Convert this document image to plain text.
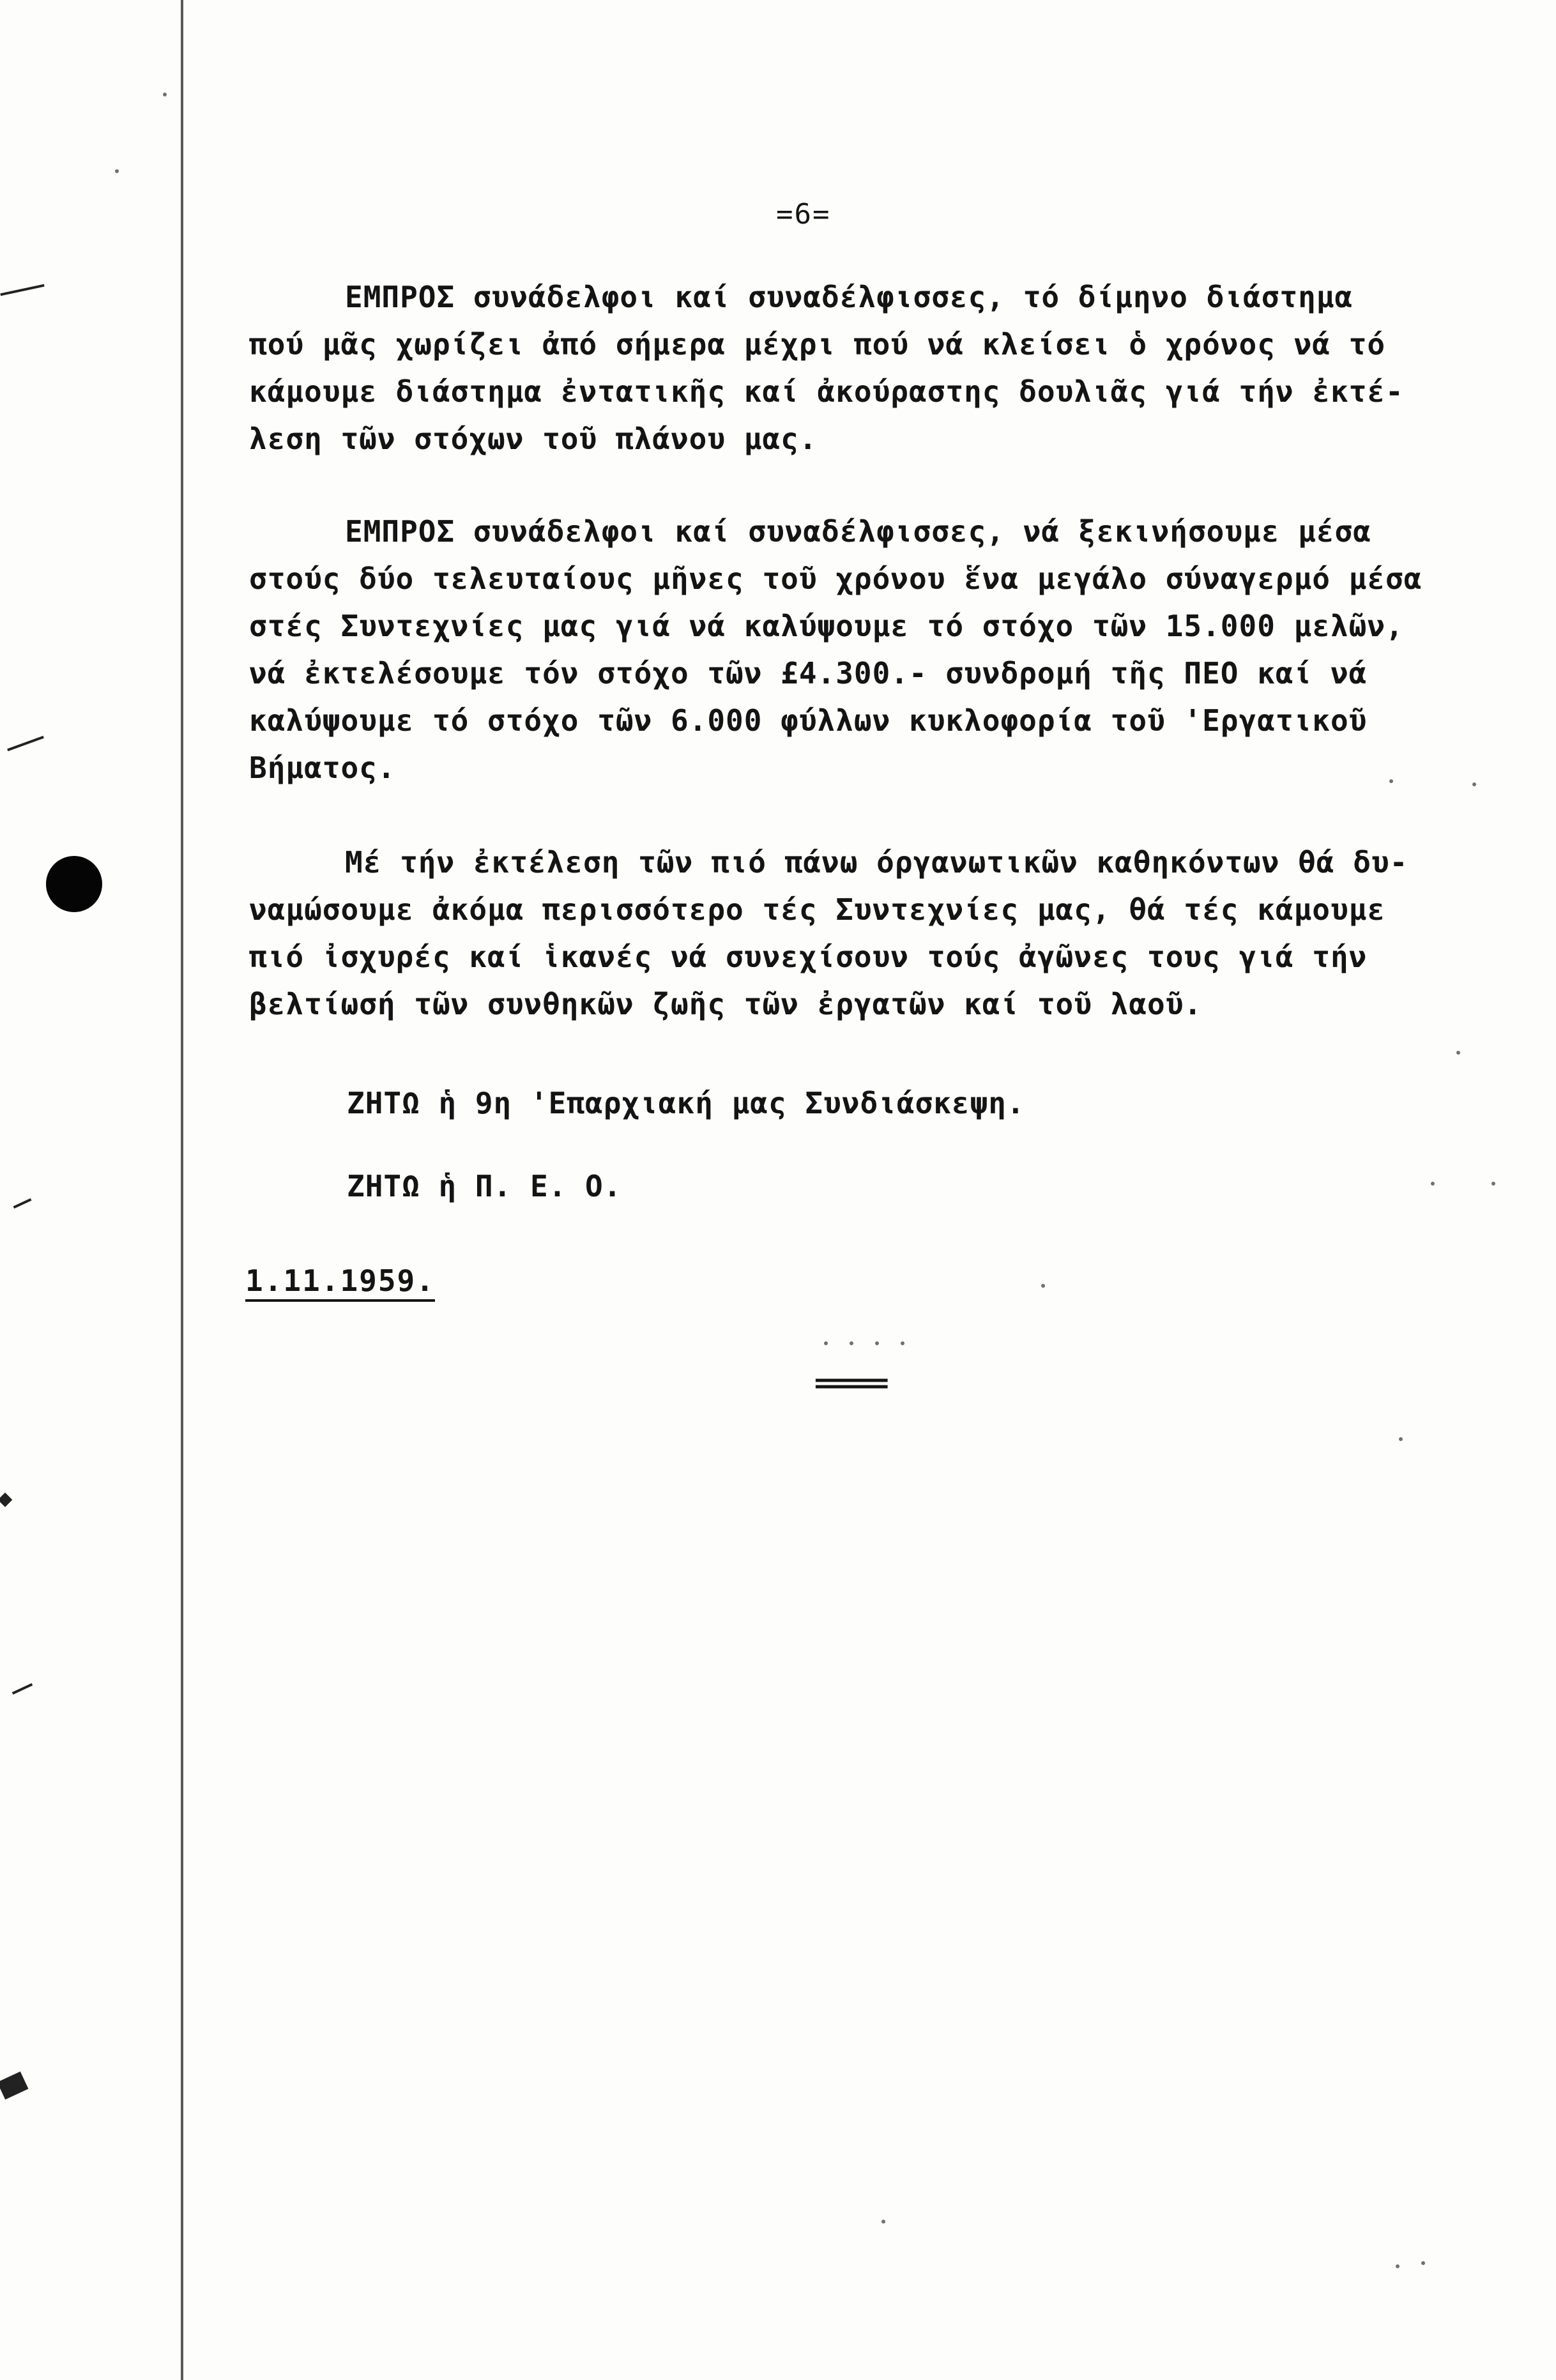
=6=
ΕΜΠΡΟΣ συνάδελφοι καί συναδέλφισσες, τό δίμηνο διάστημα
πού μᾶς χωρίζει ἀπό σήμερα μέχρι πού νά κλείσει ὁ χρόνος νά τό
κάμουμε διάστημα ἐντατικῆς καί ἀκούραστης δουλιᾶς γιά τήν ἐκτέ-
λεση τῶν στόχων τοῦ πλάνου μας.
ΕΜΠΡΟΣ συνάδελφοι καί συναδέλφισσες, νά ξεκινήσουμε μέσα
στούς δύο τελευταίους μῆνες τοῦ χρόνου ἕνα μεγάλο σύναγερμό μέσα
στές Συντεχνίες μας γιά νά καλύψουμε τό στόχο τῶν 15.000 μελῶν,
νά ἐκτελέσουμε τόν στόχο τῶν £4.300.- συνδρομή τῆς ΠΕΟ καί νά
καλύψουμε τό στόχο τῶν 6.000 φύλλων κυκλοφορία τοῦ 'Εργατικοῦ
Βήματος.
Μέ τήν ἐκτέλεση τῶν πιό πάνω όργανωτικῶν καθηκόντων θά δυ-
ναμώσουμε ἀκόμα περισσότερο τές Συντεχνίες μας, θά τές κάμουμε
πιό ἰσχυρές καί ἱκανές νά συνεχίσουν τούς ἀγῶνες τους γιά τήν
βελτίωσή τῶν συνθηκῶν ζωῆς τῶν ἐργατῶν καί τοῦ λαοῦ.
ΖΗΤΩ ἡ 9η 'Επαρχιακή μας Συνδιάσκεψη.
ΖΗΤΩ ἡ Π. Ε. Ο.
1.11.1959.
=====
